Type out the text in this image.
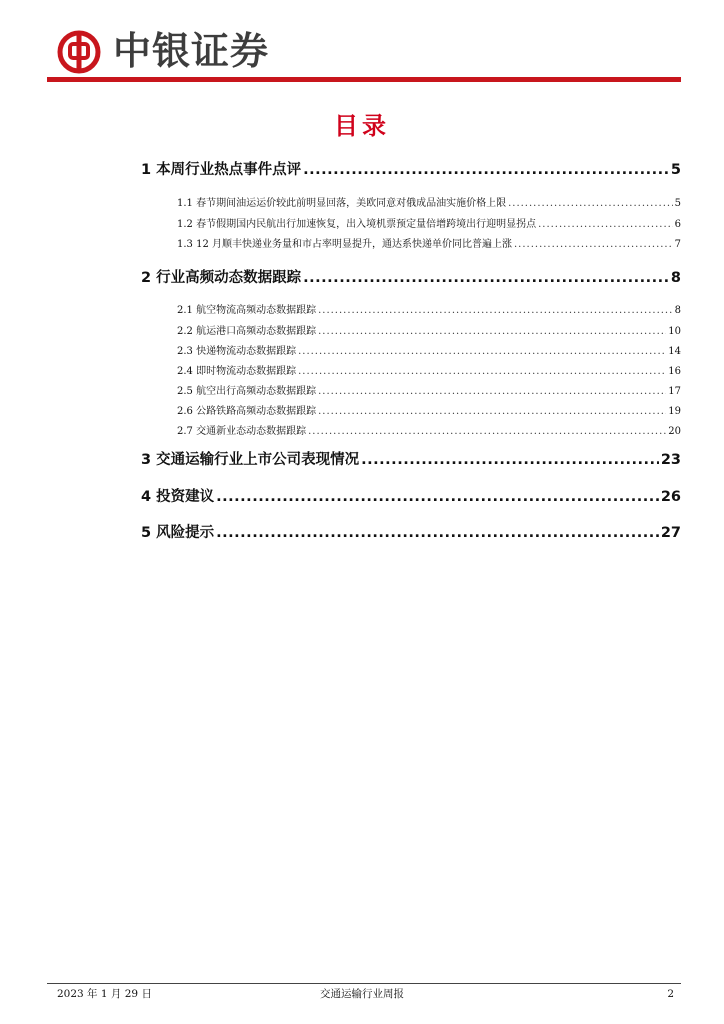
中银证券
目录
1 本周行业热点事件点评 .....	5
1.1 春节期间油运运价较此前明显回落，美欧同意对俄成品油实施价格上限 .....	5
1.2 春节假期国内民航出行加速恢复，出入境机票预定量倍增跨境出行迎明显拐点 .....	6
1.3 12 月顺丰快递业务量和市占率明显提升，通达系快递单价同比普遍上涨 .....	7
2 行业高频动态数据跟踪 .....	8
2.1 航空物流高频动态数据跟踪 .....	8
2.2 航运港口高频动态数据跟踪 .....	10
2.3 快递物流动态数据跟踪 .....	14
2.4 即时物流动态数据跟踪 .....	16
2.5 航空出行高频动态数据跟踪 .....	17
2.6 公路铁路高频动态数据跟踪 .....	19
2.7 交通新业态动态数据跟踪 .....	20
3 交通运输行业上市公司表现情况 .....	23
4 投资建议 .....	26
5 风险提示 .....	27
2023 年 1 月 29 日	交通运输行业周报	2
